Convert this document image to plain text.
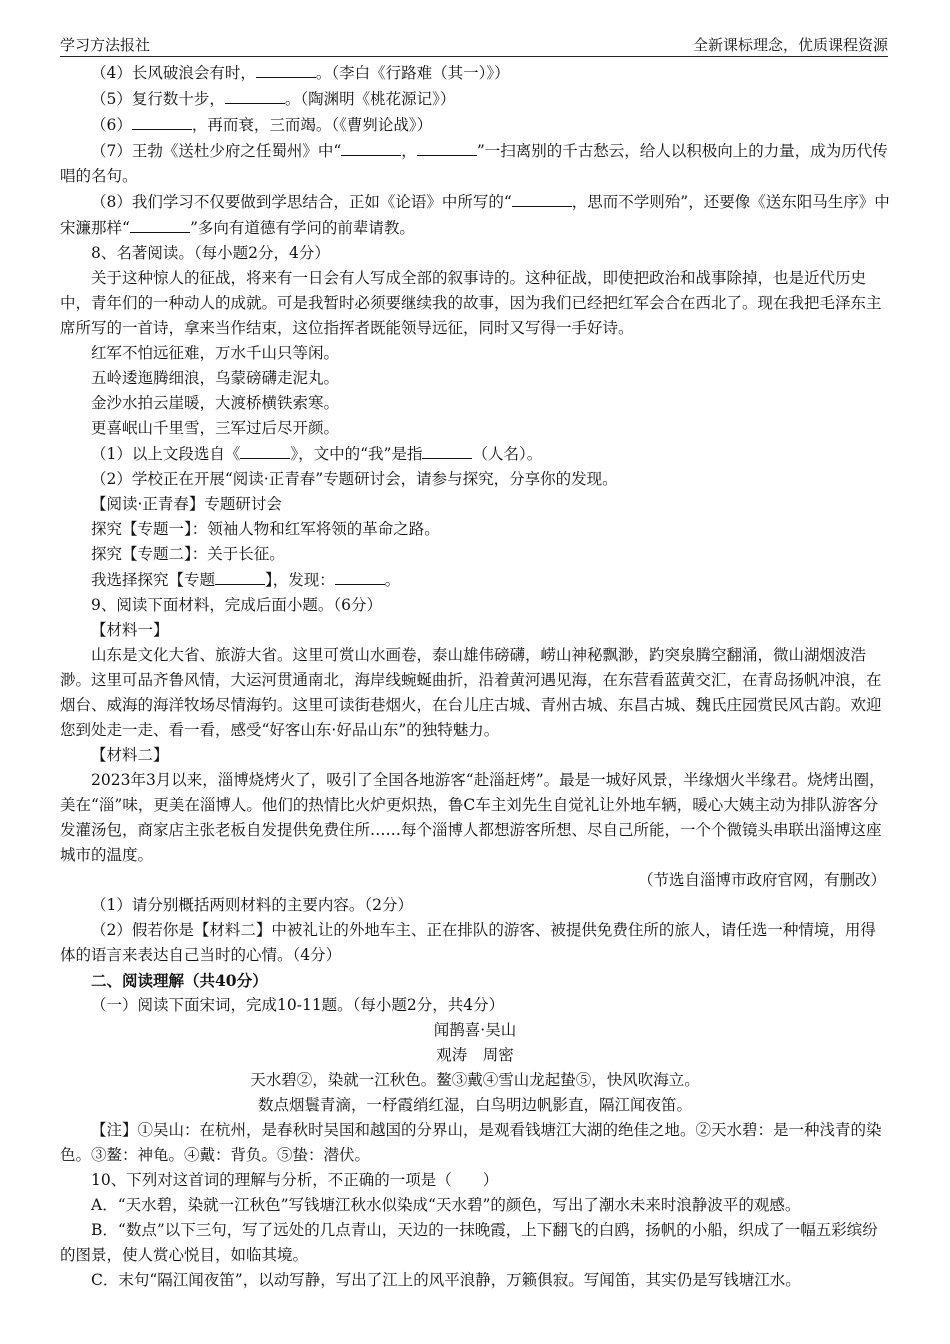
学习方法报社	全新课标理念，优质课程资源

（4）长风破浪会有时，	。（李白《行路难（其一）》）

（5）复行数十步，	。（陶渊明《桃花源记》）

（6）	，再而衰，三而竭。（《曹刿论战》）

（7）王勃《送杜少府之任蜀州》中“	，	”一扫离别的千古愁云，给人以积极向上的力量，成为历代传唱的名句。

（8）我们学习不仅要做到学思结合，正如《论语》中所写的“	，思而不学则殆”，还要像《送东阳马生序》中宋濂那样“	”多向有道德有学问的前辈请教。

8、名著阅读。（每小题2分，4分）

关于这种惊人的征战，将来有一日会有人写成全部的叙事诗的。这种征战，即使把政治和战事除掉，也是近代历史中，青年们的一种动人的成就。可是我暂时必须要继续我的故事，因为我们已经把红军会合在西北了。现在我把毛泽东主席所写的一首诗，拿来当作结束，这位指挥者既能领导远征，同时又写得一手好诗。

红军不怕远征难，万水千山只等闲。

五岭逶迤腾细浪，乌蒙磅礴走泥丸。

金沙水拍云崖暖，大渡桥横铁索寒。

更喜岷山千里雪，三军过后尽开颜。

（1）以上文段选自《	》，文中的“我”是指	（人名）。

（2）学校正在开展“阅读·正青春”专题研讨会，请参与探究，分享你的发现。

【阅读·正青春】专题研讨会

探究【专题一】：领袖人物和红军将领的革命之路。

探究【专题二】：关于长征。

我选择探究【专题	】，发现：	。

9、阅读下面材料，完成后面小题。（6分）

【材料一】

山东是文化大省、旅游大省。这里可赏山水画卷，泰山雄伟磅礴，崂山神秘飘渺，趵突泉腾空翻涌，微山湖烟波浩渺。这里可品齐鲁风情，大运河贯通南北，海岸线蜿蜒曲折，沿着黄河遇见海，在东营看蓝黄交汇，在青岛扬帆冲浪，在烟台、威海的海洋牧场尽情海钓。这里可读街巷烟火，在台儿庄古城、青州古城、东昌古城、魏氏庄园赏民风古韵。欢迎您到处走一走、看一看，感受“好客山东·好品山东”的独特魅力。

【材料二】

2023年3月以来，淄博烧烤火了，吸引了全国各地游客“赴淄赶烤”。最是一城好风景，半缘烟火半缘君。烧烤出圈，美在“淄”味，更美在淄博人。他们的热情比火炉更炽热，鲁C车主刘先生自觉礼让外地车辆，暖心大姨主动为排队游客分发灌汤包，商家店主张老板自发提供免费住所……每个淄博人都想游客所想、尽自己所能，一个个微镜头串联出淄博这座城市的温度。

（节选自淄博市政府官网，有删改）

（1）请分别概括两则材料的主要内容。（2分）

（2）假若你是【材料二】中被礼让的外地车主、正在排队的游客、被提供免费住所的旅人，请任选一种情境，用得体的语言来表达自己当时的心情。（4分）

二、阅读理解（共40分）

（一）阅读下面宋词，完成10-11题。（每小题2分，共4分）

闻鹊喜·吴山

观涛　周密

天水碧②，染就一江秋色。鳌③戴④雪山龙起蛰⑤，快风吹海立。

数点烟鬟青滴，一杼霞绡红湿，白鸟明边帆影直，隔江闻夜笛。

【注】①吴山：在杭州，是春秋时吴国和越国的分界山，是观看钱塘江大湖的绝佳之地。②天水碧：是一种浅青的染色。③鳌：神龟。④戴：背负。⑤蛰：潜伏。

10、下列对这首词的理解与分析，不正确的一项是（　　）

A．“天水碧，染就一江秋色”写钱塘江秋水似染成“天水碧”的颜色，写出了潮水未来时浪静波平的观感。

B．“数点”以下三句，写了远处的几点青山，天边的一抹晚霞，上下翻飞的白鸥，扬帆的小船，织成了一幅五彩缤纷的图景，使人赏心悦目，如临其境。

C．末句“隔江闻夜笛”，以动写静，写出了江上的风平浪静，万籁俱寂。写闻笛，其实仍是写钱塘江水。
